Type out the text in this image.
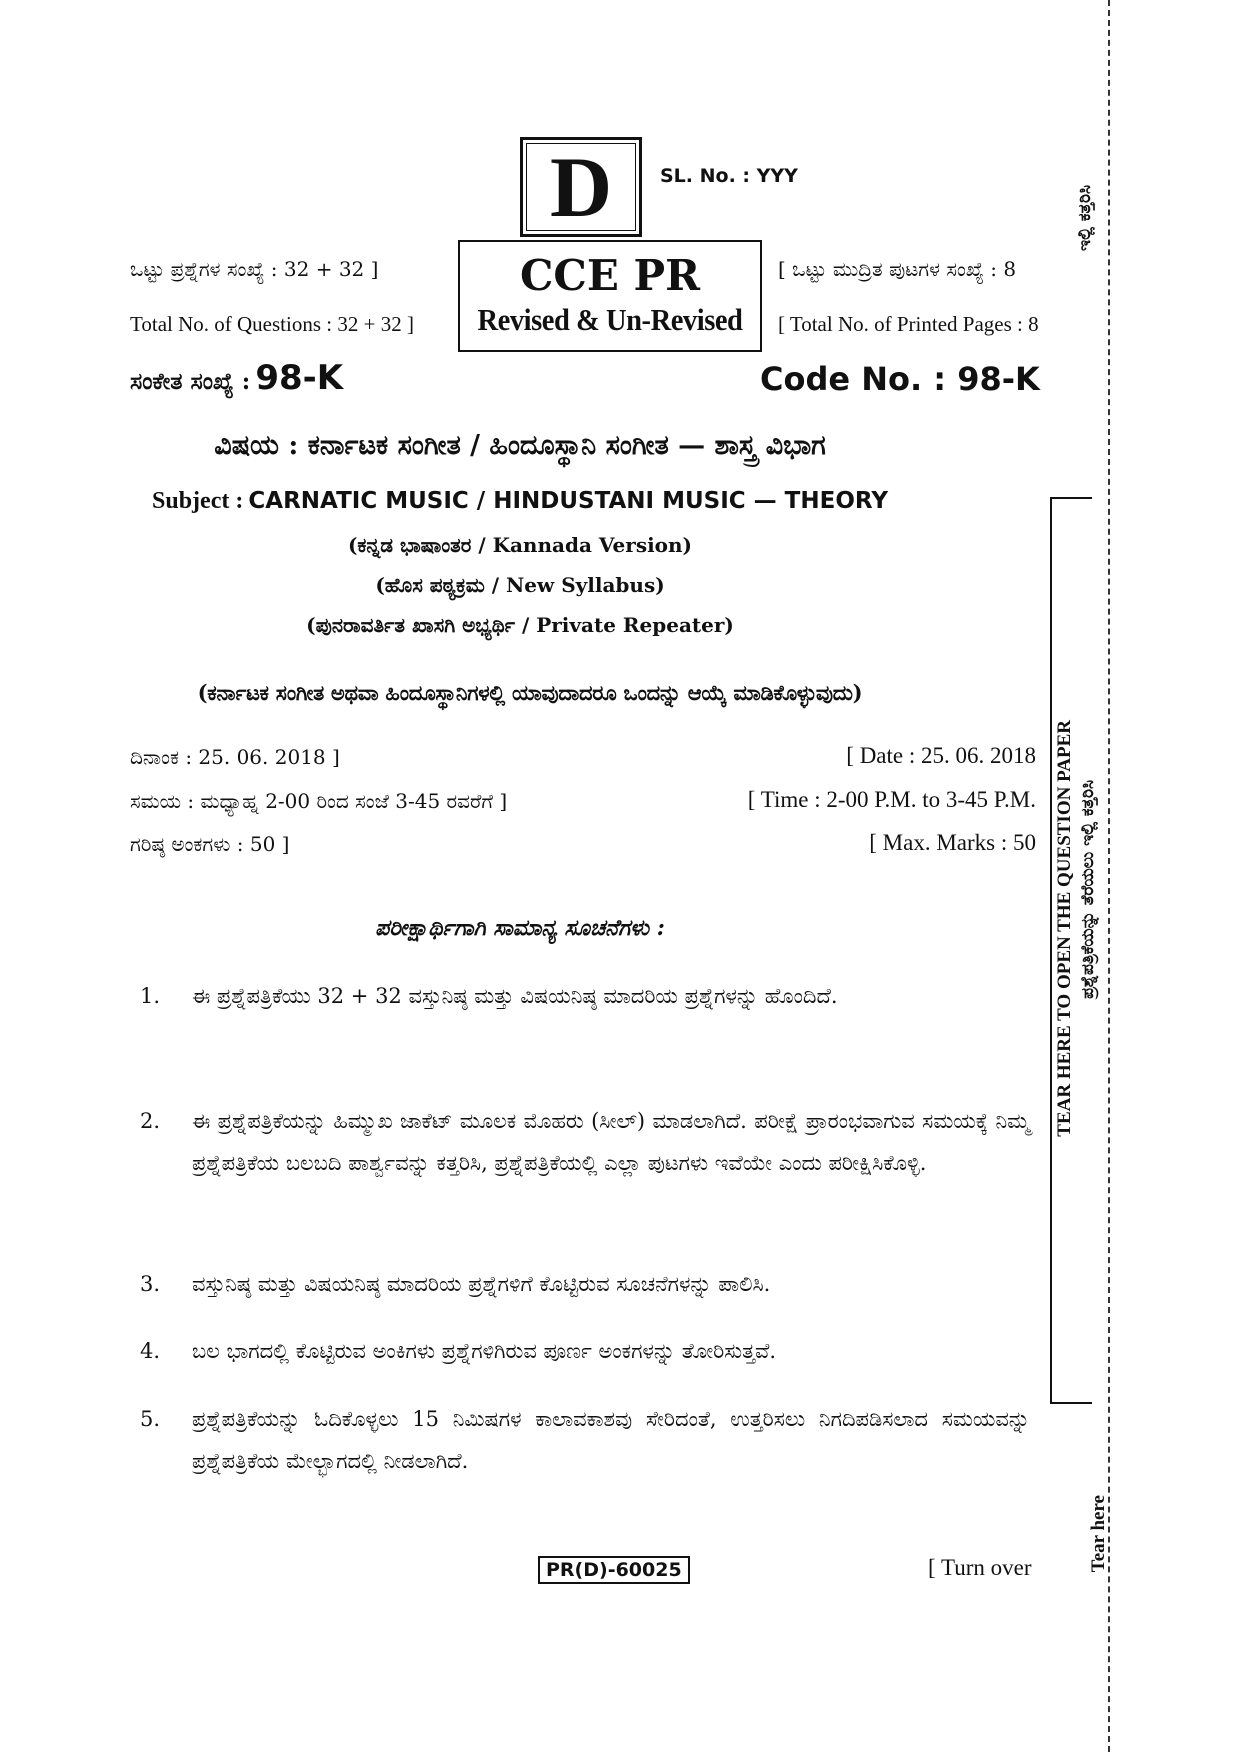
D	SL. No. : YYY
ಒಟ್ಟು ಪ್ರಶ್ನೆಗಳ ಸಂಖ್ಯೆ : 32 + 32 ]
Total No. of Questions : 32 + 32 ]
CCE PR
Revised & Un-Revised
[ ಒಟ್ಟು ಮುದ್ರಿತ ಪುಟಗಳ ಸಂಖ್ಯೆ : 8
[ Total No. of Printed Pages : 8
ಸಂಕೇತ ಸಂಖ್ಯೆ : 98-K	Code No. : 98-K
ವಿಷಯ : ಕರ್ನಾಟಕ ಸಂಗೀತ / ಹಿಂದೂಸ್ಥಾನಿ ಸಂಗೀತ — ಶಾಸ್ತ್ರ ವಿಭಾಗ
Subject : CARNATIC MUSIC / HINDUSTANI MUSIC — THEORY
(ಕನ್ನಡ ಭಾಷಾಂತರ / Kannada Version)
(ಹೊಸ ಪಠ್ಯಕ್ರಮ / New Syllabus)
(ಪುನರಾವರ್ತಿತ ಖಾಸಗಿ ಅಭ್ಯರ್ಥಿ / Private Repeater)
(ಕರ್ನಾಟಕ ಸಂಗೀತ ಅಥವಾ ಹಿಂದೂಸ್ಥಾನಿಗಳಲ್ಲಿ ಯಾವುದಾದರೂ ಒಂದನ್ನು ಆಯ್ಕೆ ಮಾಡಿಕೊಳ್ಳುವುದು)
ದಿನಾಂಕ : 25. 06. 2018 ]	[ Date : 25. 06. 2018
ಸಮಯ : ಮಧ್ಯಾಹ್ನ 2-00 ರಿಂದ ಸಂಜೆ 3-45 ರವರೆಗೆ ]	[ Time : 2-00 P.M. to 3-45 P.M.
ಗರಿಷ್ಠ ಅಂಕಗಳು : 50 ]	[ Max. Marks : 50
ಪರೀಕ್ಷಾರ್ಥಿಗಾಗಿ ಸಾಮಾನ್ಯ ಸೂಚನೆಗಳು :
1. ಈ ಪ್ರಶ್ನೆಪತ್ರಿಕೆಯು 32 + 32 ವಸ್ತುನಿಷ್ಠ ಮತ್ತು ವಿಷಯನಿಷ್ಠ ಮಾದರಿಯ ಪ್ರಶ್ನೆಗಳನ್ನು ಹೊಂದಿದೆ.
2. ಈ ಪ್ರಶ್ನೆಪತ್ರಿಕೆಯನ್ನು ಹಿಮ್ಮುಖ ಜಾಕೆಟ್ ಮೂಲಕ ಮೊಹರು (ಸೀಲ್) ಮಾಡಲಾಗಿದೆ. ಪರೀಕ್ಷೆ ಪ್ರಾರಂಭವಾಗುವ ಸಮಯಕ್ಕೆ ನಿಮ್ಮ ಪ್ರಶ್ನೆಪತ್ರಿಕೆಯ ಬಲಬದಿ ಪಾರ್ಶ್ವವನ್ನು ಕತ್ತರಿಸಿ, ಪ್ರಶ್ನೆಪತ್ರಿಕೆಯಲ್ಲಿ ಎಲ್ಲಾ ಪುಟಗಳು ಇವೆಯೇ ಎಂದು ಪರೀಕ್ಷಿಸಿಕೊಳ್ಳಿ.
3. ವಸ್ತುನಿಷ್ಠ ಮತ್ತು ವಿಷಯನಿಷ್ಠ ಮಾದರಿಯ ಪ್ರಶ್ನೆಗಳಿಗೆ ಕೊಟ್ಟಿರುವ ಸೂಚನೆಗಳನ್ನು ಪಾಲಿಸಿ.
4. ಬಲ ಭಾಗದಲ್ಲಿ ಕೊಟ್ಟಿರುವ ಅಂಕಿಗಳು ಪ್ರಶ್ನೆಗಳಿಗಿರುವ ಪೂರ್ಣ ಅಂಕಗಳನ್ನು ತೋರಿಸುತ್ತವೆ.
5. ಪ್ರಶ್ನೆಪತ್ರಿಕೆಯನ್ನು ಓದಿಕೊಳ್ಳಲು 15 ನಿಮಿಷಗಳ ಕಾಲಾವಕಾಶವು ಸೇರಿದಂತೆ, ಉತ್ತರಿಸಲು ನಿಗದಿಪಡಿಸಲಾದ ಸಮಯವನ್ನು ಪ್ರಶ್ನೆಪತ್ರಿಕೆಯ ಮೇಲ್ಭಾಗದಲ್ಲಿ ನೀಡಲಾಗಿದೆ.
PR(D)-60025	[ Turn over
ಇಲ್ಲಿ ಕತ್ತರಿಸಿ
TEAR HERE TO OPEN THE QUESTION PAPER ಪ್ರಶ್ನೆಪತ್ರಿಕೆಯನ್ನು ತೆರೆಯಲು ಇಲ್ಲಿ ಕತ್ತರಿಸಿ
Tear here
